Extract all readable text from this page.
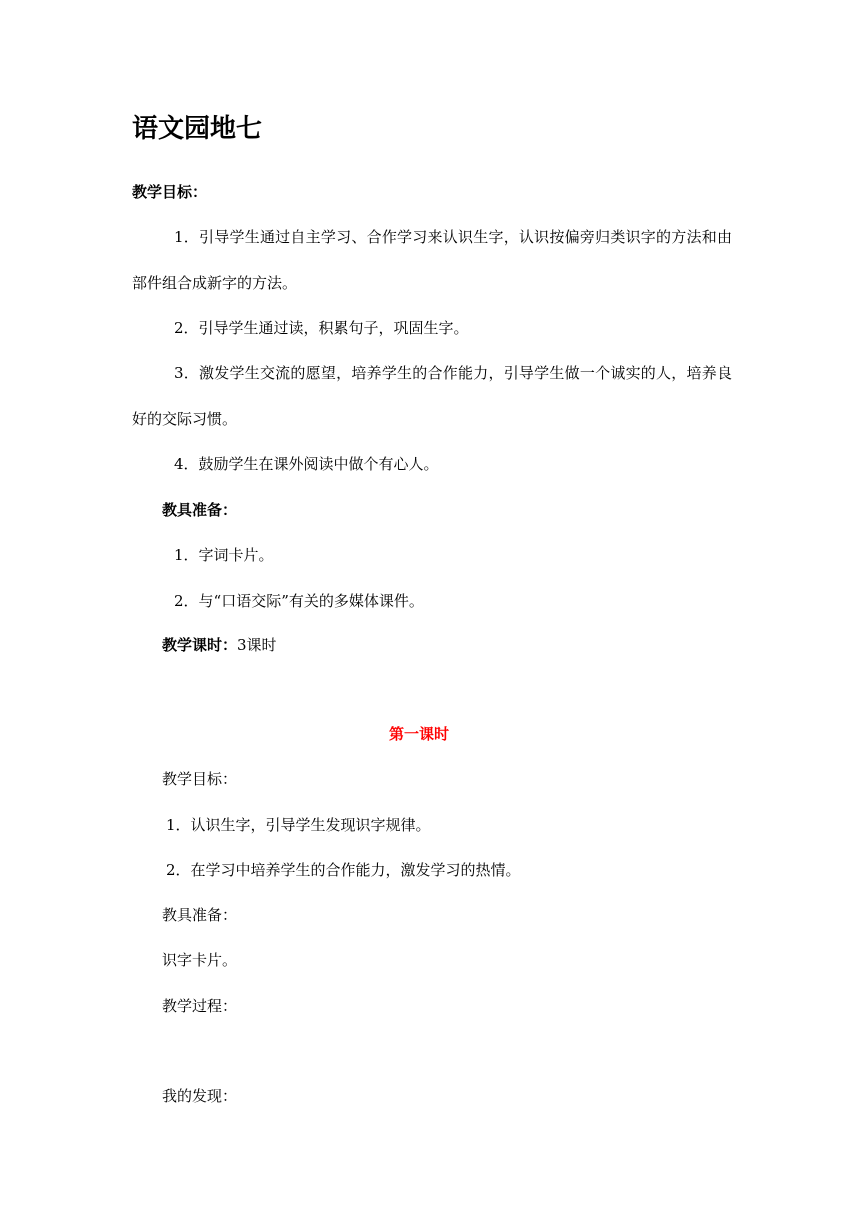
语文园地七
教学目标：
1．引导学生通过自主学习、合作学习来认识生字，认识按偏旁归类识字的方法和由部件组合成新字的方法。
2．引导学生通过读，积累句子，巩固生字。
3．激发学生交流的愿望，培养学生的合作能力，引导学生做一个诚实的人，培养良好的交际习惯。
4．鼓励学生在课外阅读中做个有心人。
教具准备：
1．字词卡片。
2．与“口语交际”有关的多媒体课件。
教学课时：3课时
第一课时
教学目标：
1．认识生字，引导学生发现识字规律。
2．在学习中培养学生的合作能力，激发学习的热情。
教具准备：
识字卡片。
教学过程：
我的发现：
